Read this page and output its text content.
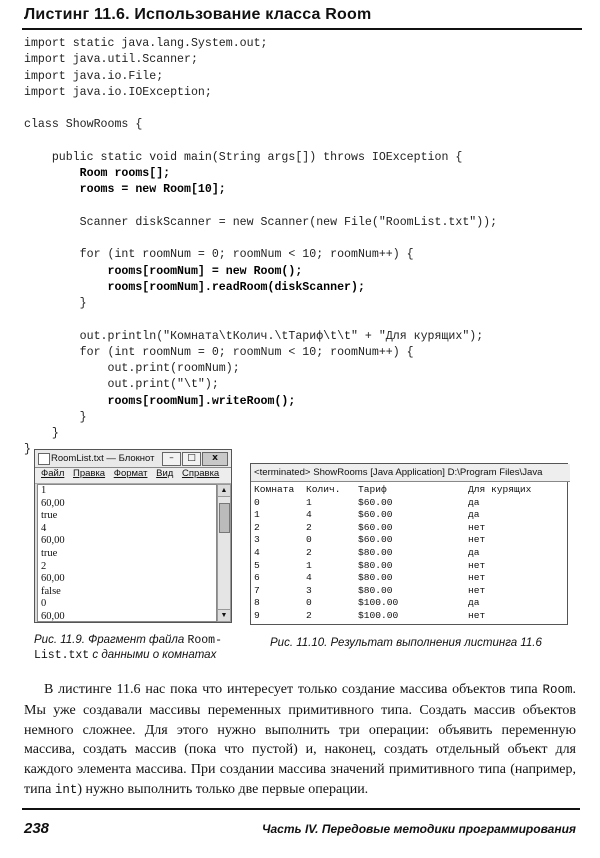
Листинг 11.6. Использование класса Room
import static java.lang.System.out;
import java.util.Scanner;
import java.io.File;
import java.io.IOException;
class ShowRooms {
public static void main(String args[]) throws IOException {
Room rooms[];
rooms = new Room[10];
Scanner diskScanner = new Scanner(new File("RoomList.txt"));
for (int roomNum = 0; roomNum < 10; roomNum++) {
rooms[roomNum] = new Room();
rooms[roomNum].readRoom(diskScanner);
}
out.println("Комната\tКолич.\tТариф\t\t" + "Для курящих");
for (int roomNum = 0; roomNum < 10; roomNum++) {
out.print(roomNum);
out.print("\t");
rooms[roomNum].writeRoom();
}
}
}
RoomList.txt — Блокнот	–	□	x
Файл Правка Формат Вид Справка
1
60,00
true
4
60,00
true
2
60,00
false
0
60,00
▲
▼
<terminated> ShowRooms [Java Application] D:\Program Files\Java
Комната	Колич.	Тариф	Для курящих
0	1	$60.00	да
1	4	$60.00	да
2	2	$60.00	нет
3	0	$60.00	нет
4	2	$80.00	да
5	1	$80.00	нет
6	4	$80.00	нет
7	3	$80.00	нет
8	0	$100.00	да
9	2	$100.00	нет
Рис. 11.9. Фрагмент файла Room-
List.txt с данными о комнатах
Рис. 11.10. Результат выполнения листинга 11.6
В листинге 11.6 нас пока что интересует только создание массива объектов типа Room. Мы уже создавали массивы переменных примитивного типа. Создать массив объектов немного сложнее. Для этого нужно выполнить три операции: объявить переменную массива, создать массив (пока что пустой) и, наконец, создать отдельный объект для каждого элемента массива. При создании массива значений примитивного типа (например, типа int) нужно выполнить только две первые операции.
238	Часть IV. Передовые методики программирования
